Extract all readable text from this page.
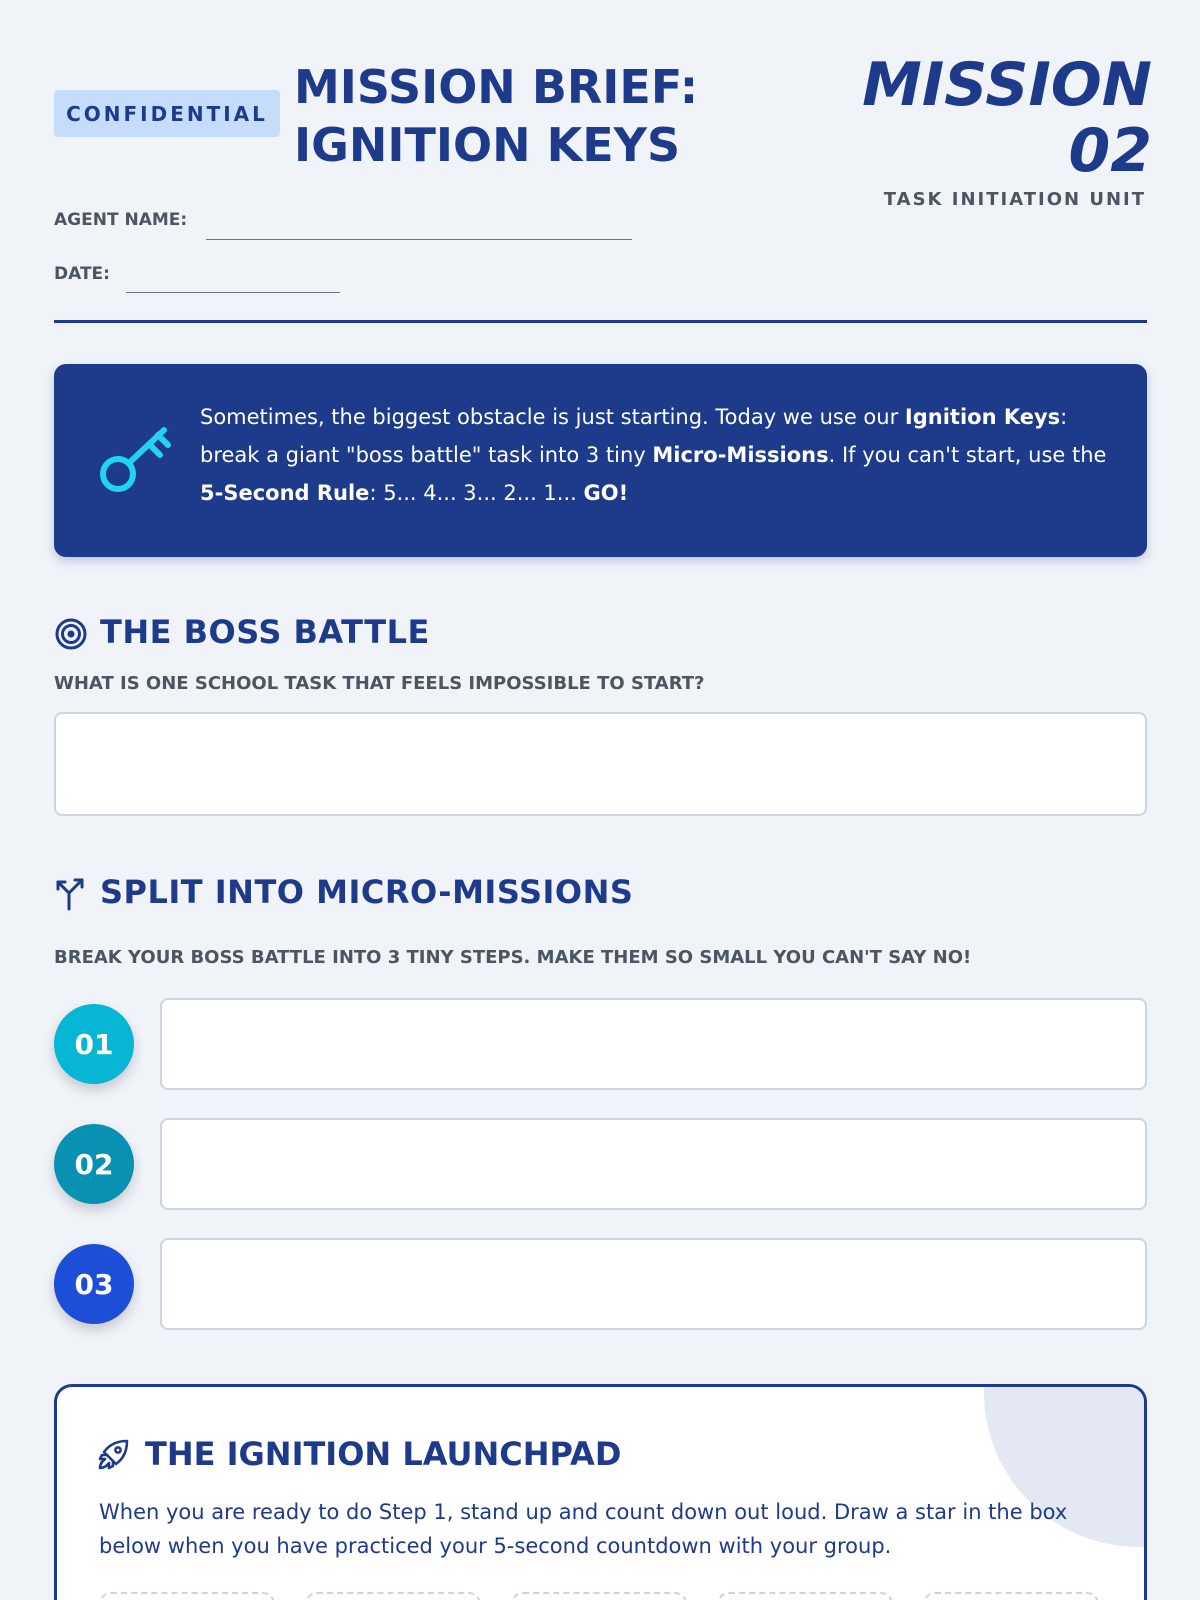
CONFIDENTIAL MISSION BRIEF:
IGNITION KEYS
MISSION
02
TASK INITIATION UNIT
AGENT NAME:
DATE:
Sometimes, the biggest obstacle is just starting. Today we use our Ignition Keys: break a giant "boss battle" task into 3 tiny Micro-Missions. If you can't start, use the 5-Second Rule: 5... 4... 3... 2... 1... GO!
THE BOSS BATTLE
WHAT IS ONE SCHOOL TASK THAT FEELS IMPOSSIBLE TO START?
SPLIT INTO MICRO-MISSIONS
BREAK YOUR BOSS BATTLE INTO 3 TINY STEPS. MAKE THEM SO SMALL YOU CAN'T SAY NO!
01
02
03
THE IGNITION LAUNCHPAD
When you are ready to do Step 1, stand up and count down out loud. Draw a star in the box below when you have practiced your 5-second countdown with your group.
